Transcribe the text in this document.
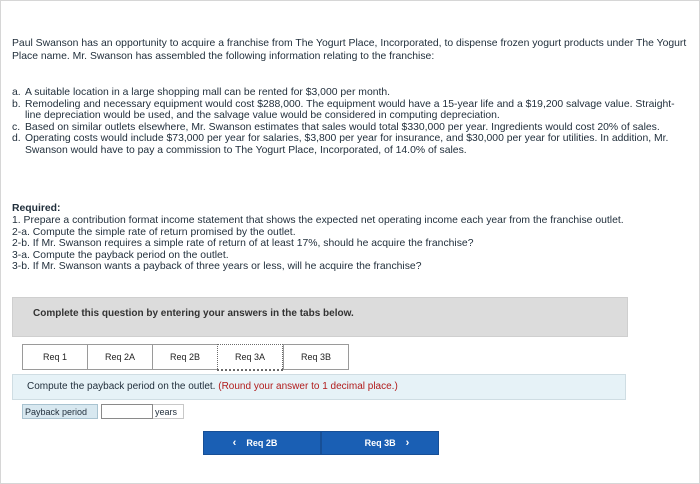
Paul Swanson has an opportunity to acquire a franchise from The Yogurt Place, Incorporated, to dispense frozen yogurt products under The Yogurt Place name. Mr. Swanson has assembled the following information relating to the franchise:
a. A suitable location in a large shopping mall can be rented for $3,000 per month.
b. Remodeling and necessary equipment would cost $288,000. The equipment would have a 15-year life and a $19,200 salvage value. Straight-line depreciation would be used, and the salvage value would be considered in computing depreciation.
c. Based on similar outlets elsewhere, Mr. Swanson estimates that sales would total $330,000 per year. Ingredients would cost 20% of sales.
d. Operating costs would include $73,000 per year for salaries, $3,800 per year for insurance, and $30,000 per year for utilities. In addition, Mr. Swanson would have to pay a commission to The Yogurt Place, Incorporated, of 14.0% of sales.
Required:
1. Prepare a contribution format income statement that shows the expected net operating income each year from the franchise outlet.
2-a. Compute the simple rate of return promised by the outlet.
2-b. If Mr. Swanson requires a simple rate of return of at least 17%, should he acquire the franchise?
3-a. Compute the payback period on the outlet.
3-b. If Mr. Swanson wants a payback of three years or less, will he acquire the franchise?
Complete this question by entering your answers in the tabs below.
Req 1	Req 2A	Req 2B	Req 3A	Req 3B
Compute the payback period on the outlet. (Round your answer to 1 decimal place.)
Payback period	years
‹ Req 2B	Req 3B ›
